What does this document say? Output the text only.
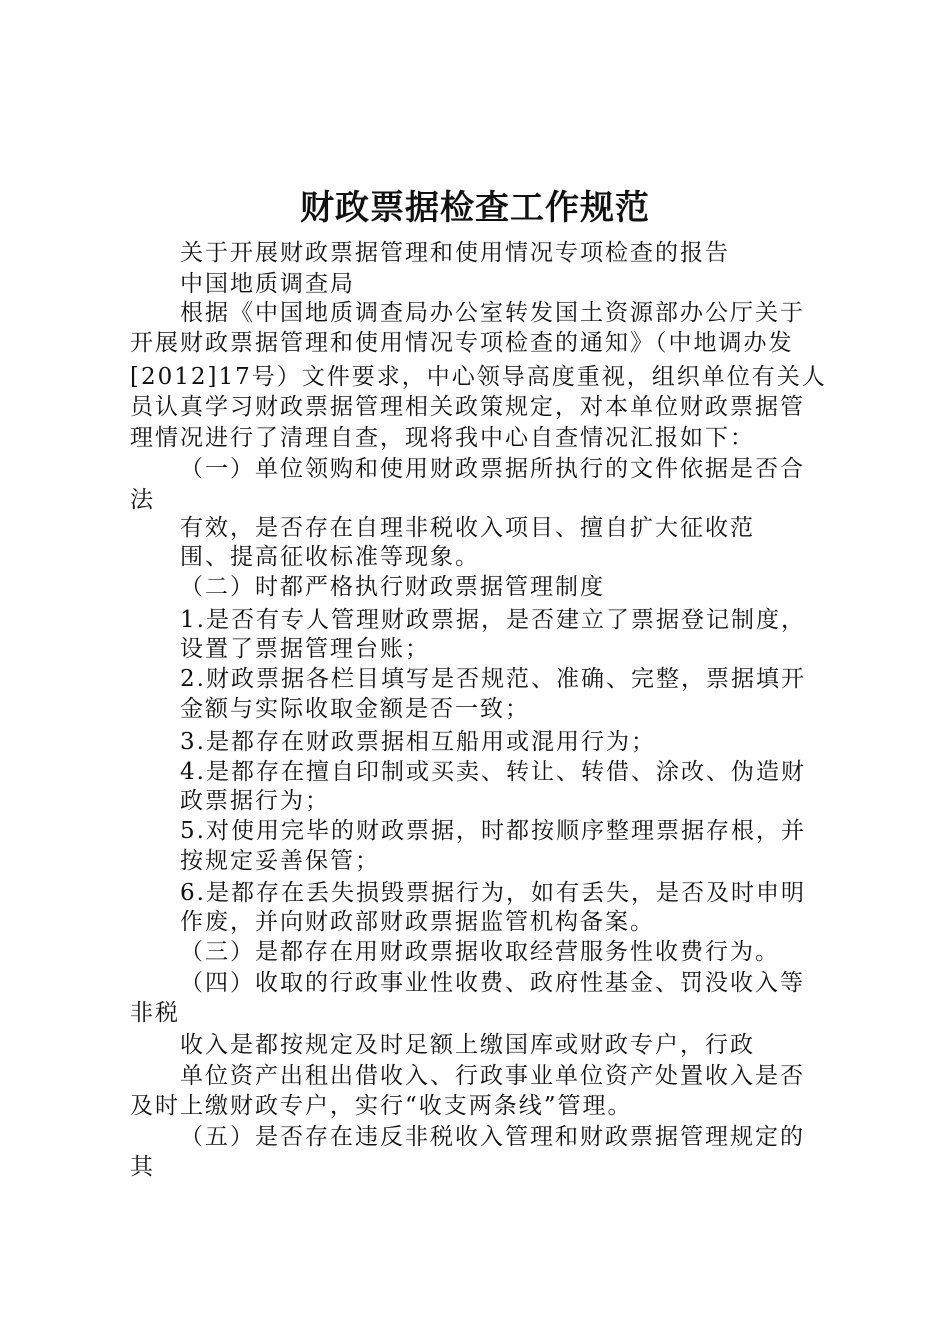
财政票据检查工作规范
关于开展财政票据管理和使用情况专项检查的报告
中国地质调查局
根据《中国地质调查局办公室转发国土资源部办公厅关于
开展财政票据管理和使用情况专项检查的通知》（中地调办发
[2012]17号）文件要求，中心领导高度重视，组织单位有关人
员认真学习财政票据管理相关政策规定，对本单位财政票据管
理情况进行了清理自查，现将我中心自查情况汇报如下：
（一）单位领购和使用财政票据所执行的文件依据是否合
法
有效，是否存在自理非税收入项目、擅自扩大征收范
围、提高征收标准等现象。
（二）时都严格执行财政票据管理制度
1.是否有专人管理财政票据，是否建立了票据登记制度，
设置了票据管理台账；
2.财政票据各栏目填写是否规范、准确、完整，票据填开
金额与实际收取金额是否一致；
3.是都存在财政票据相互船用或混用行为；
4.是都存在擅自印制或买卖、转让、转借、涂改、伪造财
政票据行为；
5.对使用完毕的财政票据，时都按顺序整理票据存根，并
按规定妥善保管；
6.是都存在丢失损毁票据行为，如有丢失，是否及时申明
作废，并向财政部财政票据监管机构备案。
（三）是都存在用财政票据收取经营服务性收费行为。
（四）收取的行政事业性收费、政府性基金、罚没收入等
非税
收入是都按规定及时足额上缴国库或财政专户，行政
单位资产出租出借收入、行政事业单位资产处置收入是否
及时上缴财政专户，实行“收支两条线”管理。
（五）是否存在违反非税收入管理和财政票据管理规定的
其
